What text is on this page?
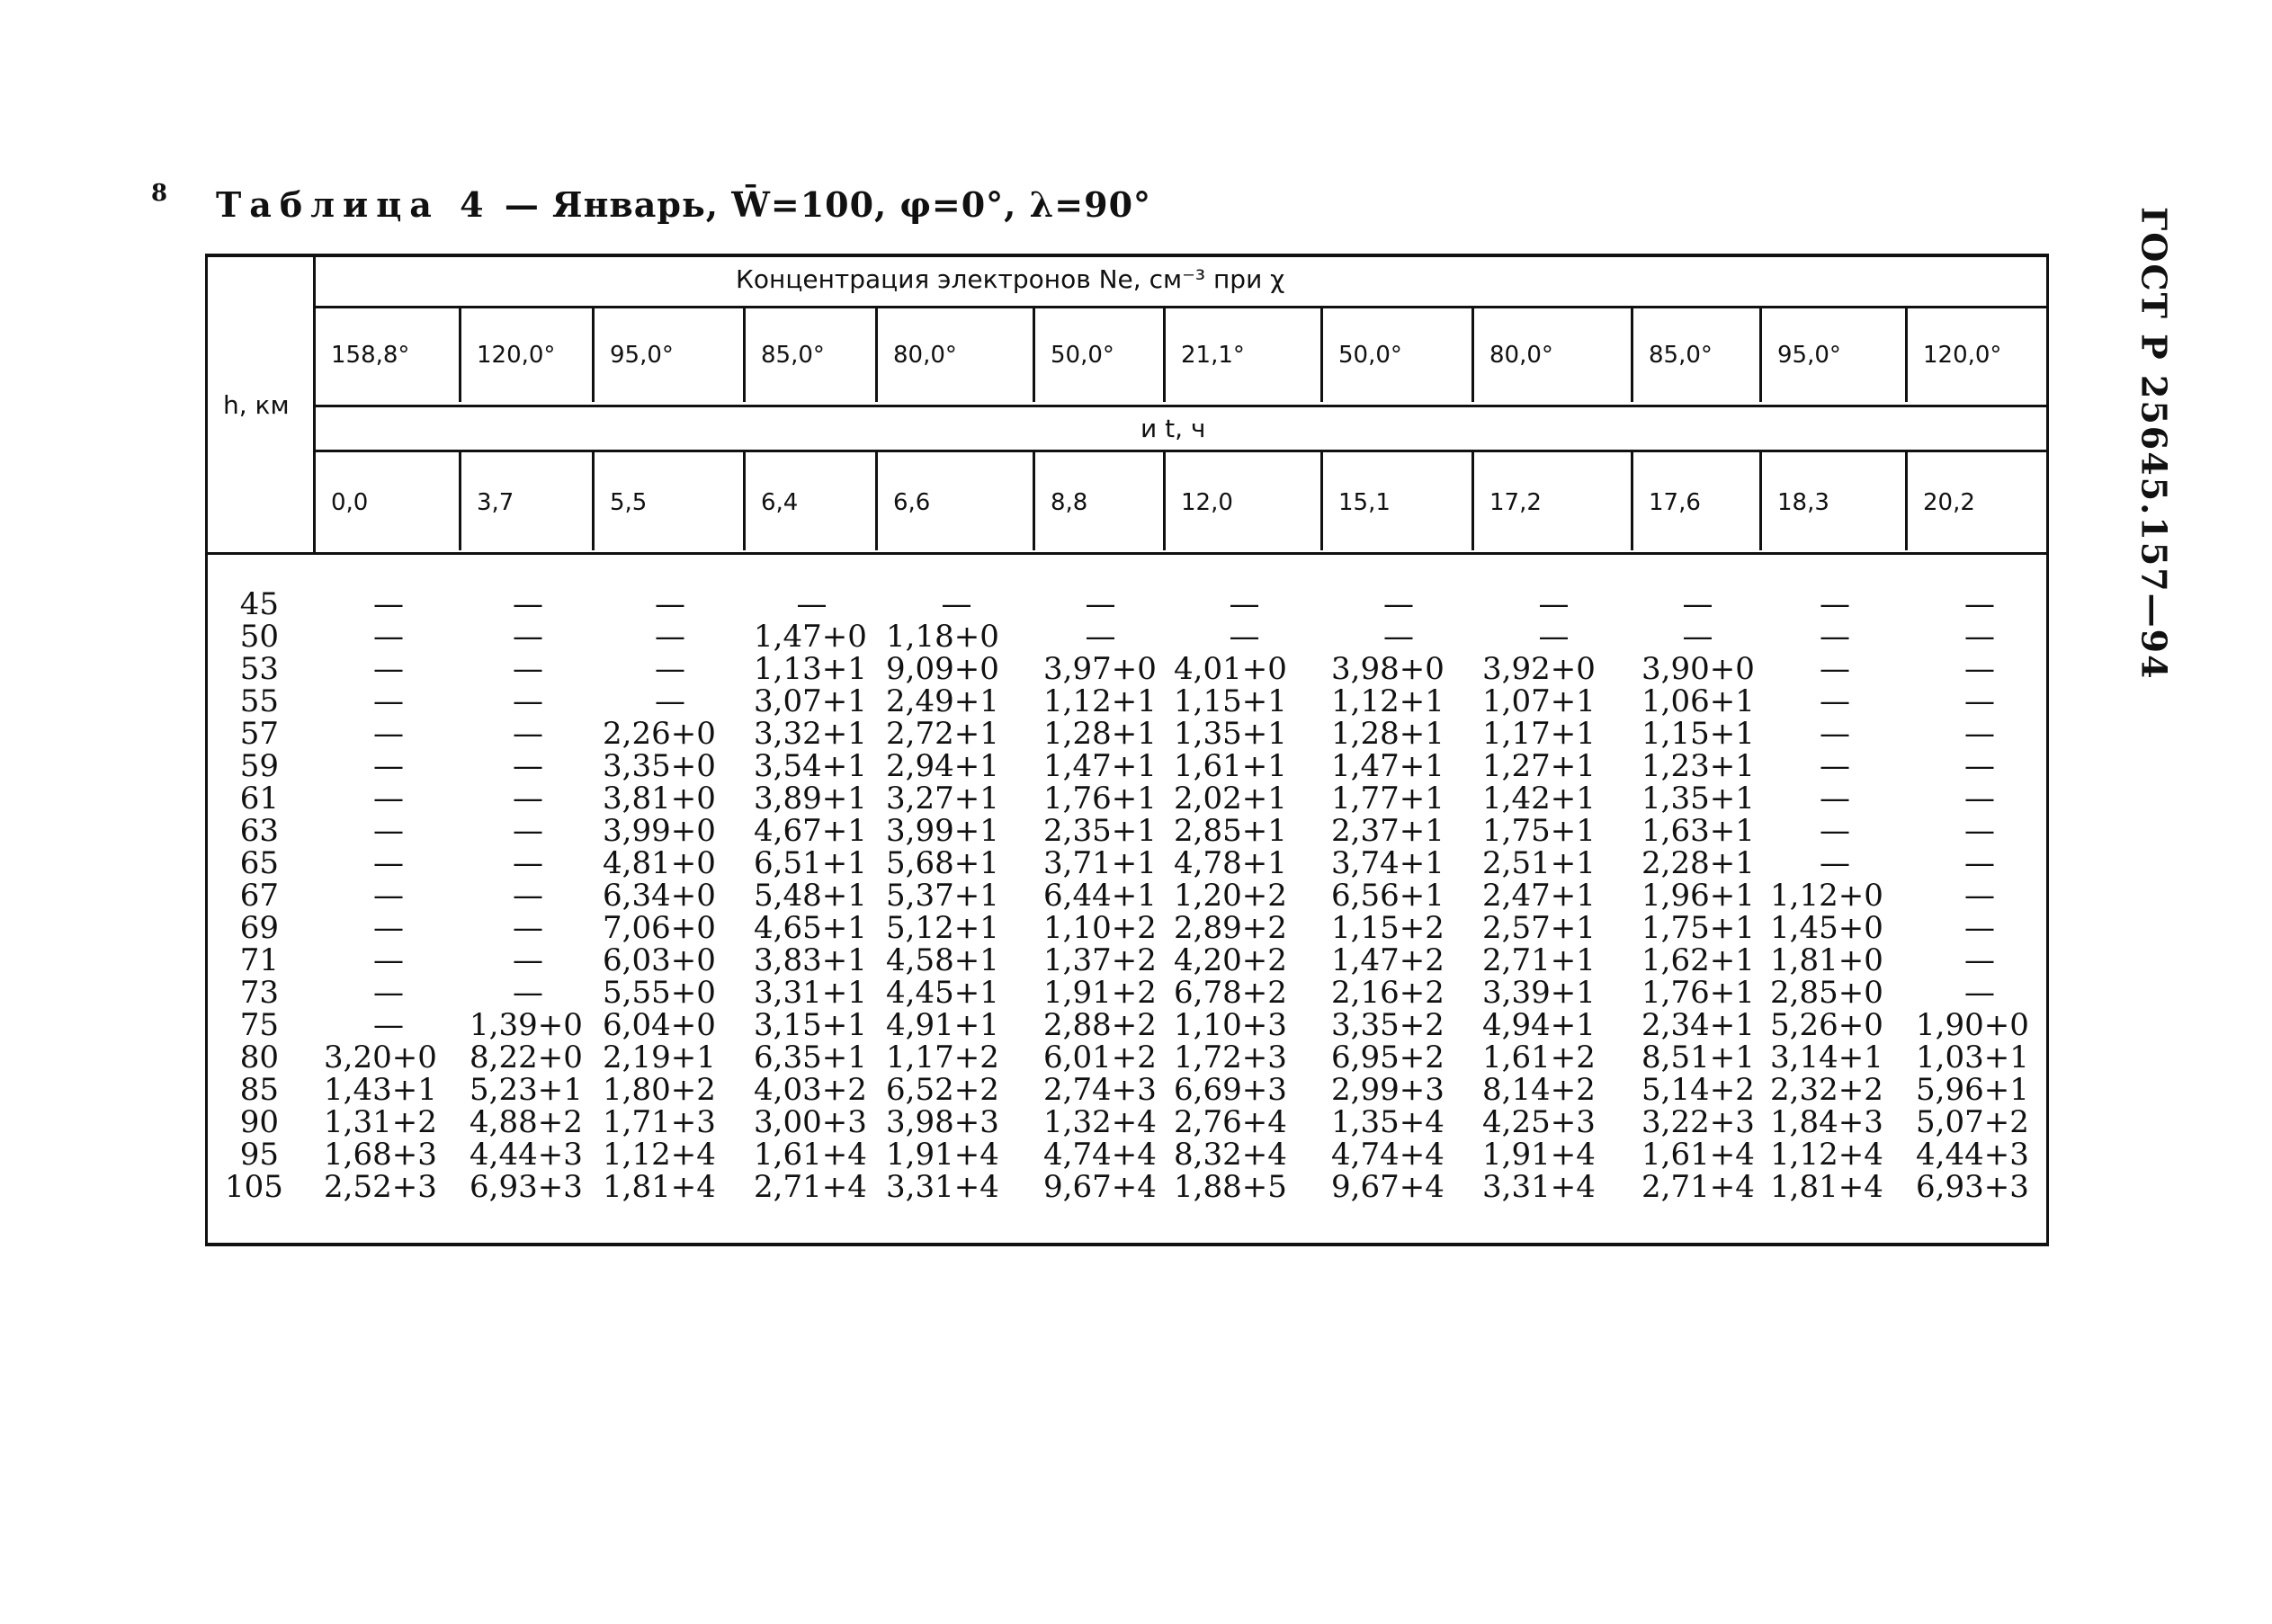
8 Таблица 4 — Январь, W̄=100, φ=0°, λ=90°
ГОСТ Р 25645.157—94
Концентрация электронов Ne, см⁻³ при χ
и t, ч
h, км
158,8°	120,0° 95,0°	85,0°	80,0°	50,0°	21,1°	50,0°	80,0°	85,0°	95,0°	120,0°
0,0	3,7	5,5	6,4	6,6	8,8	12,0	15,1	17,2	17,6	18,3	20,2
45	—	—	—	—	—	—	—	—	—	—	—	—
50	—	—	— 1,47+0 1,18+0	—	—	—	—	—	—	—
53	—	—	— 1,13+1 9,09+0 3,97+0 4,01+0 3,98+0 3,92+0 3,90+0 —	—
55	—	—	— 3,07+1 2,49+1 1,12+1 1,15+1 1,12+1 1,07+1 1,06+1 —	—
57	—	— 2,26+0 3,32+1 2,72+1 1,28+1 1,35+1 1,28+1 1,17+1 1,15+1 —	—
59	—	— 3,35+0 3,54+1 2,94+1 1,47+1 1,61+1 1,47+1 1,27+1 1,23+1 —	—
61	—	— 3,81+0 3,89+1 3,27+1 1,76+1 2,02+1 1,77+1 1,42+1 1,35+1 —	—
63	—	— 3,99+0 4,67+1 3,99+1 2,35+1 2,85+1 2,37+1 1,75+1 1,63+1 —	—
65	—	— 4,81+0 6,51+1 5,68+1 3,71+1 4,78+1 3,74+1 2,51+1 2,28+1 —	—
67	—	— 6,34+0 5,48+1 5,37+1 6,44+1 1,20+2 6,56+1 2,47+1 1,96+1 1,12+0	—
69	—	— 7,06+0 4,65+1 5,12+1 1,10+2 2,89+2 1,15+2 2,57+1 1,75+1 1,45+0	—
71	—	— 6,03+0 3,83+1 4,58+1 1,37+2 4,20+2 1,47+2 2,71+1 1,62+1 1,81+0	—
73	—	— 5,55+0 3,31+1 4,45+1 1,91+2 6,78+2 2,16+2 3,39+1 1,76+1 2,85+0	—
75	— 1,39+0 6,04+0 3,15+1 4,91+1 2,88+2 1,10+3 3,35+2 4,94+1 2,34+1 5,26+0 1,90+0
80 3,20+0 8,22+0 2,19+1 6,35+1 1,17+2 6,01+2 1,72+3 6,95+2 1,61+2 8,51+1 3,14+1 1,03+1
85 1,43+1 5,23+1 1,80+2 4,03+2 6,52+2 2,74+3 6,69+3 2,99+3 8,14+2 5,14+2 2,32+2 5,96+1
90 1,31+2 4,88+2 1,71+3 3,00+3 3,98+3 1,32+4 2,76+4 1,35+4 4,25+3 3,22+3 1,84+3 5,07+2
95 1,68+3 4,44+3 1,12+4 1,61+4 1,91+4 4,74+4 8,32+4 4,74+4 1,91+4 1,61+4 1,12+4 4,44+3
105 2,52+3 6,93+3 1,81+4 2,71+4 3,31+4 9,67+4 1,88+5 9,67+4 3,31+4 2,71+4 1,81+4 6,93+3
